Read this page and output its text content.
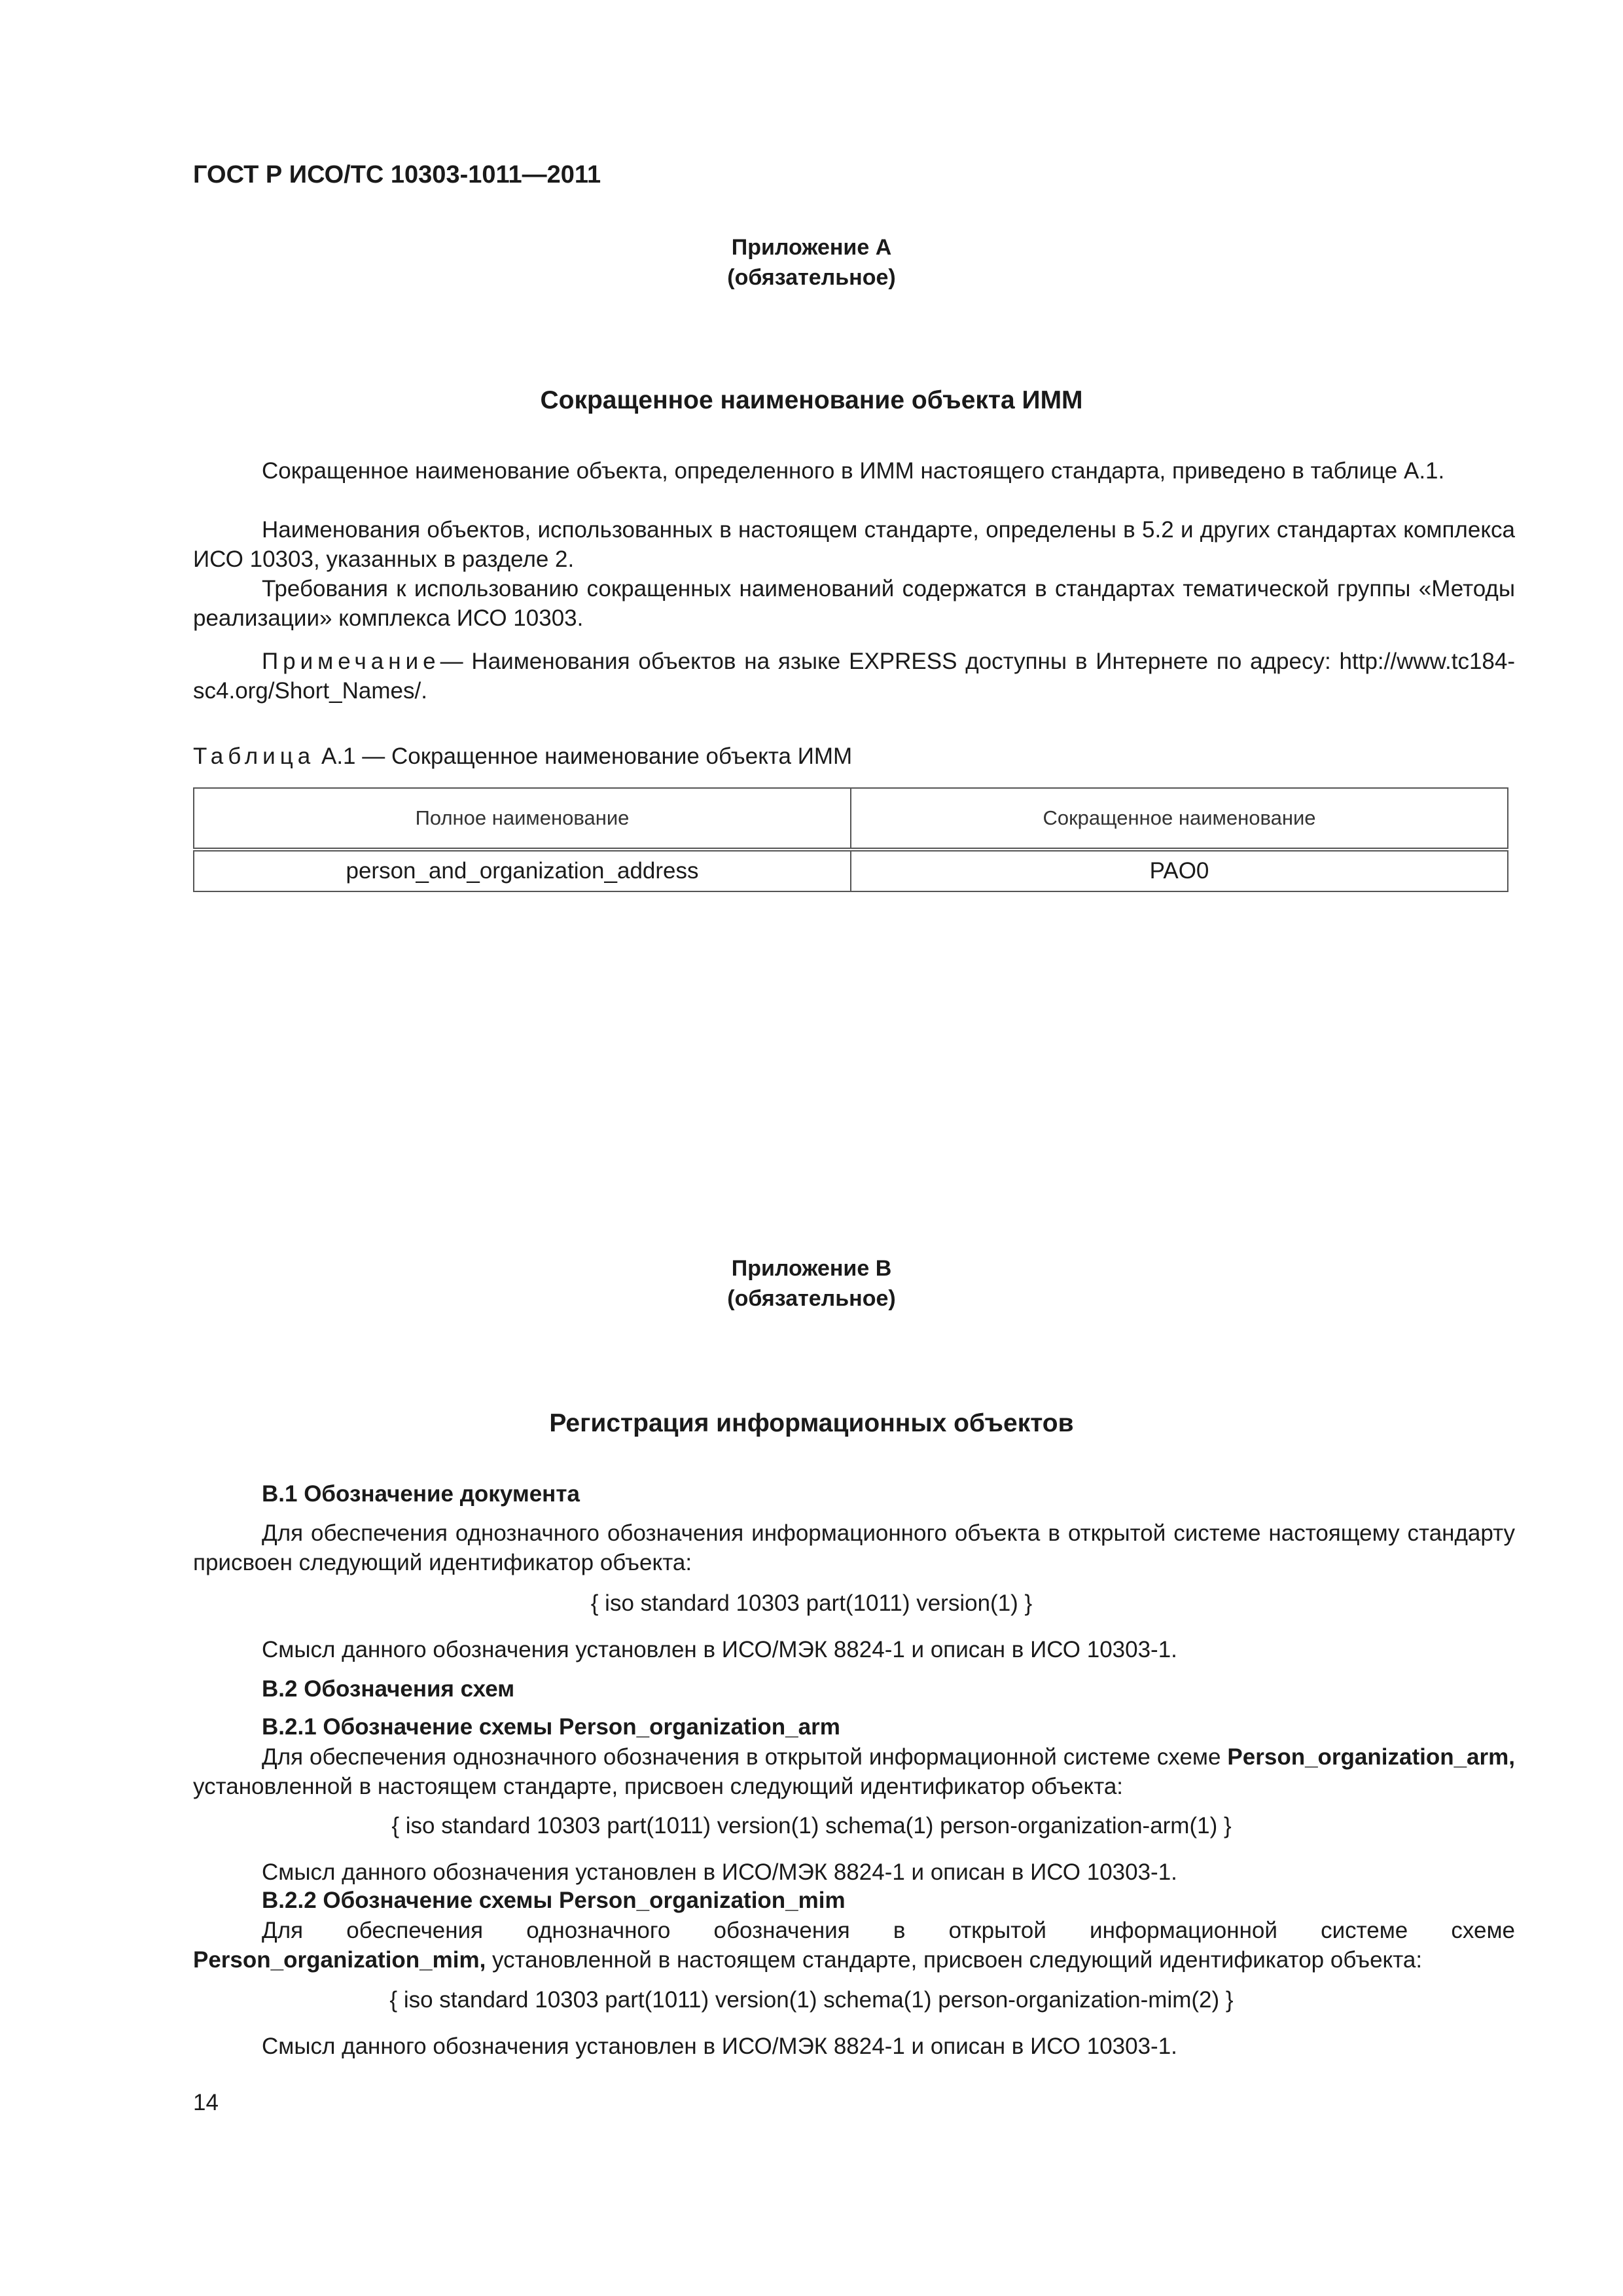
ГОСТ Р ИСО/ТС 10303-1011—2011
Приложение А
(обязательное)
Сокращенное наименование объекта ИММ
Сокращенное наименование объекта, определенного в ИММ настоящего стандарта, приведено в таблице А.1.
Наименования объектов, использованных в настоящем стандарте, определены в 5.2 и других стандартах комплекса ИСО 10303, указанных в разделе 2.
Требования к использованию сокращенных наименований содержатся в стандартах тематической группы «Методы реализации» комплекса ИСО 10303.
Примечание— Наименования объектов на языке EXPRESS доступны в Интернете по адресу: http://www.tc184-sc4.org/Short_Names/.
Таблица А.1 — Сокращенное наименование объекта ИММ
Полное наименование	Сокращенное наименование
person_and_organization_address	PAO0
Приложение В
(обязательное)
Регистрация информационных объектов
В.1 Обозначение документа
Для обеспечения однозначного обозначения информационного объекта в открытой системе настоящему стандарту присвоен следующий идентификатор объекта:
{ iso standard 10303 part(1011) version(1) }
Смысл данного обозначения установлен в ИСО/МЭК 8824-1 и описан в ИСО 10303-1.
В.2 Обозначения схем
В.2.1 Обозначение схемы Person_organization_arm
Для обеспечения однозначного обозначения в открытой информационной системе схеме Person_organization_arm, установленной в настоящем стандарте, присвоен следующий идентификатор объекта:
{ iso standard 10303 part(1011) version(1) schema(1) person-organization-arm(1) }
Смысл данного обозначения установлен в ИСО/МЭК 8824-1 и описан в ИСО 10303-1.
В.2.2 Обозначение схемы Person_organization_mim
Для обеспечения однозначного обозначения в открытой информационной системе схеме Person_organization_mim, установленной в настоящем стандарте, присвоен следующий идентификатор объекта:
{ iso standard 10303 part(1011) version(1) schema(1) person-organization-mim(2) }
Смысл данного обозначения установлен в ИСО/МЭК 8824-1 и описан в ИСО 10303-1.
14
